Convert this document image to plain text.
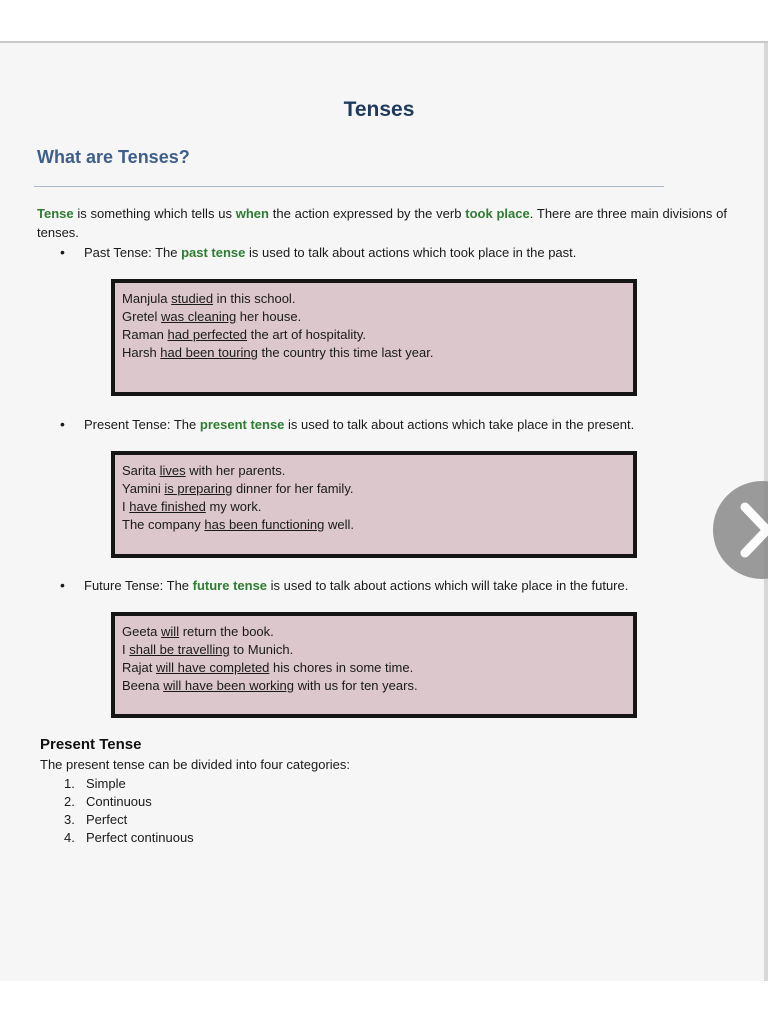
Tenses
What are Tenses?
Tense is something which tells us when the action expressed by the verb took place. There are three main divisions of tenses.
• Past Tense: The past tense is used to talk about actions which took place in the past.
Manjula studied in this school.
Gretel was cleaning her house.
Raman had perfected the art of hospitality.
Harsh had been touring the country this time last year.
• Present Tense: The present tense is used to talk about actions which take place in the present.
Sarita lives with her parents.
Yamini is preparing dinner for her family.
I have finished my work.
The company has been functioning well.
• Future Tense: The future tense is used to talk about actions which will take place in the future.
Geeta will return the book.
I shall be travelling to Munich.
Rajat will have completed his chores in some time.
Beena will have been working with us for ten years.
Present Tense
The present tense can be divided into four categories:
1. Simple
2. Continuous
3. Perfect
4. Perfect continuous
